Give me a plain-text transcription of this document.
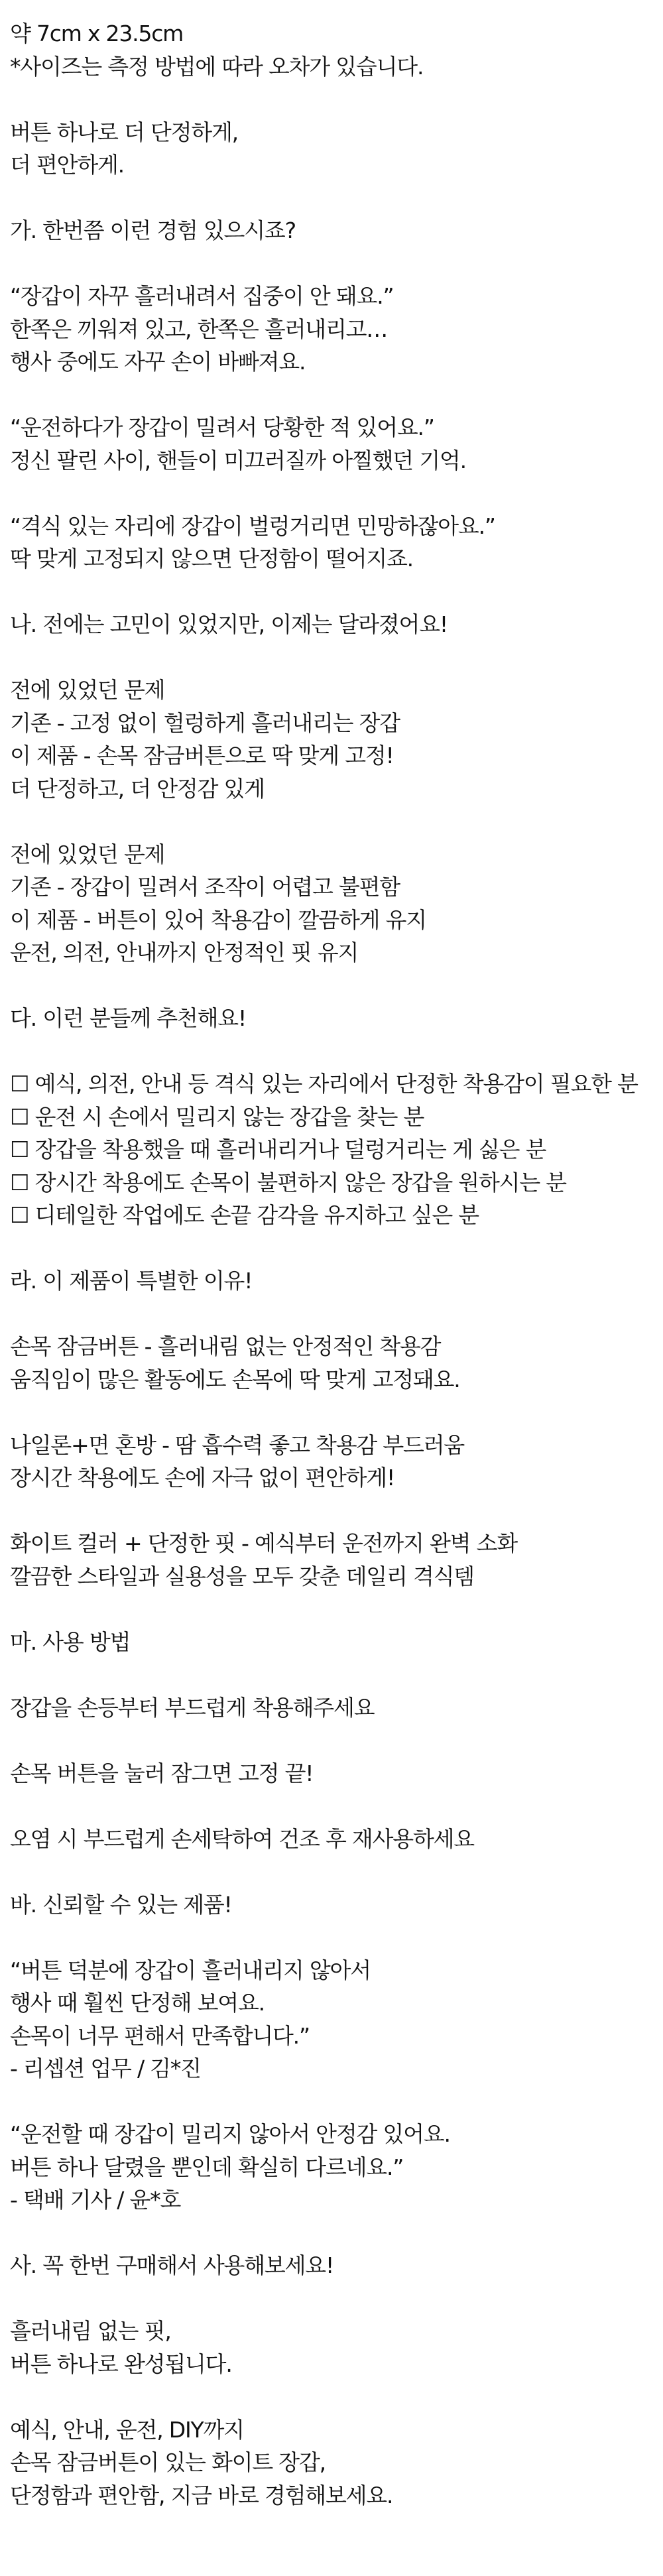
약 7cm x 23.5cm
*사이즈는 측정 방법에 따라 오차가 있습니다.
버튼 하나로 더 단정하게,
더 편안하게.
가. 한번쯤 이런 경험 있으시죠?
“장갑이 자꾸 흘러내려서 집중이 안 돼요.”
한쪽은 끼워져 있고, 한쪽은 흘러내리고…
행사 중에도 자꾸 손이 바빠져요.
“운전하다가 장갑이 밀려서 당황한 적 있어요.”
정신 팔린 사이, 핸들이 미끄러질까 아찔했던 기억.
“격식 있는 자리에 장갑이 벌렁거리면 민망하잖아요.”
딱 맞게 고정되지 않으면 단정함이 떨어지죠.
나. 전에는 고민이 있었지만, 이제는 달라졌어요!
전에 있었던 문제
기존 - 고정 없이 헐렁하게 흘러내리는 장갑
이 제품 - 손목 잠금버튼으로 딱 맞게 고정!
더 단정하고, 더 안정감 있게
전에 있었던 문제
기존 - 장갑이 밀려서 조작이 어렵고 불편함
이 제품 - 버튼이 있어 착용감이 깔끔하게 유지
운전, 의전, 안내까지 안정적인 핏 유지
다. 이런 분들께 추천해요!
☐ 예식, 의전, 안내 등 격식 있는 자리에서 단정한 착용감이 필요한 분
☐ 운전 시 손에서 밀리지 않는 장갑을 찾는 분
☐ 장갑을 착용했을 때 흘러내리거나 덜렁거리는 게 싫은 분
☐ 장시간 착용에도 손목이 불편하지 않은 장갑을 원하시는 분
☐ 디테일한 작업에도 손끝 감각을 유지하고 싶은 분
라. 이 제품이 특별한 이유!
손목 잠금버튼 - 흘러내림 없는 안정적인 착용감
움직임이 많은 활동에도 손목에 딱 맞게 고정돼요.
나일론+면 혼방 - 땀 흡수력 좋고 착용감 부드러움
장시간 착용에도 손에 자극 없이 편안하게!
화이트 컬러 + 단정한 핏 - 예식부터 운전까지 완벽 소화
깔끔한 스타일과 실용성을 모두 갖춘 데일리 격식템
마. 사용 방법
장갑을 손등부터 부드럽게 착용해주세요
손목 버튼을 눌러 잠그면 고정 끝!
오염 시 부드럽게 손세탁하여 건조 후 재사용하세요
바. 신뢰할 수 있는 제품!
“버튼 덕분에 장갑이 흘러내리지 않아서
행사 때 훨씬 단정해 보여요.
손목이 너무 편해서 만족합니다.”
- 리셉션 업무 / 김*진
“운전할 때 장갑이 밀리지 않아서 안정감 있어요.
버튼 하나 달렸을 뿐인데 확실히 다르네요.”
- 택배 기사 / 윤*호
사. 꼭 한번 구매해서 사용해보세요!
흘러내림 없는 핏,
버튼 하나로 완성됩니다.
예식, 안내, 운전, DIY까지
손목 잠금버튼이 있는 화이트 장갑,
단정함과 편안함, 지금 바로 경험해보세요.
